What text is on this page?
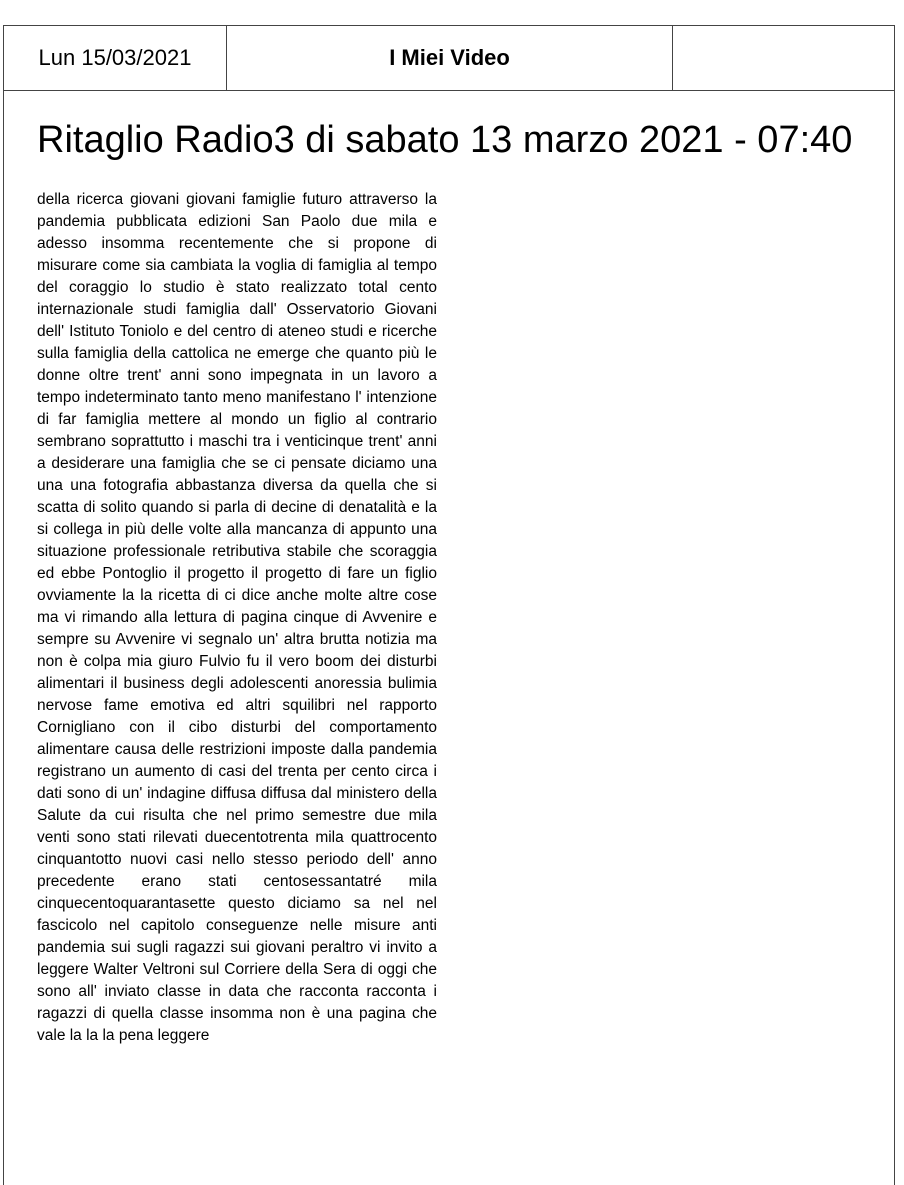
Lun 15/03/2021	I Miei Video
Ritaglio Radio3 di sabato 13 marzo 2021 - 07:40

della ricerca giovani giovani famiglie futuro attraverso la pandemia pubblicata edizioni San Paolo due mila e adesso insomma recentemente che si propone di misurare come sia cambiata la voglia di famiglia al tempo del coraggio lo studio è stato realizzato total cento internazionale studi famiglia dall' Osservatorio Giovani dell' Istituto Toniolo e del centro di ateneo studi e ricerche sulla famiglia della cattolica ne emerge che quanto più le donne oltre trent' anni sono impegnata in un lavoro a tempo indeterminato tanto meno manifestano l' intenzione di far famiglia mettere al mondo un figlio al contrario sembrano soprattutto i maschi tra i venticinque trent' anni a desiderare una famiglia che se ci pensate diciamo una una una fotografia abbastanza diversa da quella che si scatta di solito quando si parla di decine di denatalità e la si collega in più delle volte alla mancanza di appunto una situazione professionale retributiva stabile che scoraggia ed ebbe Pontoglio il progetto il progetto di fare un figlio ovviamente la la ricetta di ci dice anche molte altre cose ma vi rimando alla lettura di pagina cinque di Avvenire e sempre su Avvenire vi segnalo un' altra brutta notizia ma non è colpa mia giuro Fulvio fu il vero boom dei disturbi alimentari il business degli adolescenti anoressia bulimia nervose fame emotiva ed altri squilibri nel rapporto Cornigliano con il cibo disturbi del comportamento alimentare causa delle restrizioni imposte dalla pandemia registrano un aumento di casi del trenta per cento circa i dati sono di un' indagine diffusa diffusa dal ministero della Salute da cui risulta che nel primo semestre due mila venti sono stati rilevati duecentotrenta mila quattrocento cinquantotto nuovi casi nello stesso periodo dell' anno precedente erano stati centosessantatré mila cinquecentoquarantasette questo diciamo sa nel nel fascicolo nel capitolo conseguenze nelle misure anti pandemia sui sugli ragazzi sui giovani peraltro vi invito a leggere Walter Veltroni sul Corriere della Sera di oggi che sono all' inviato classe in data che racconta racconta i ragazzi di quella classe insomma non è una pagina che vale la la la pena leggere
